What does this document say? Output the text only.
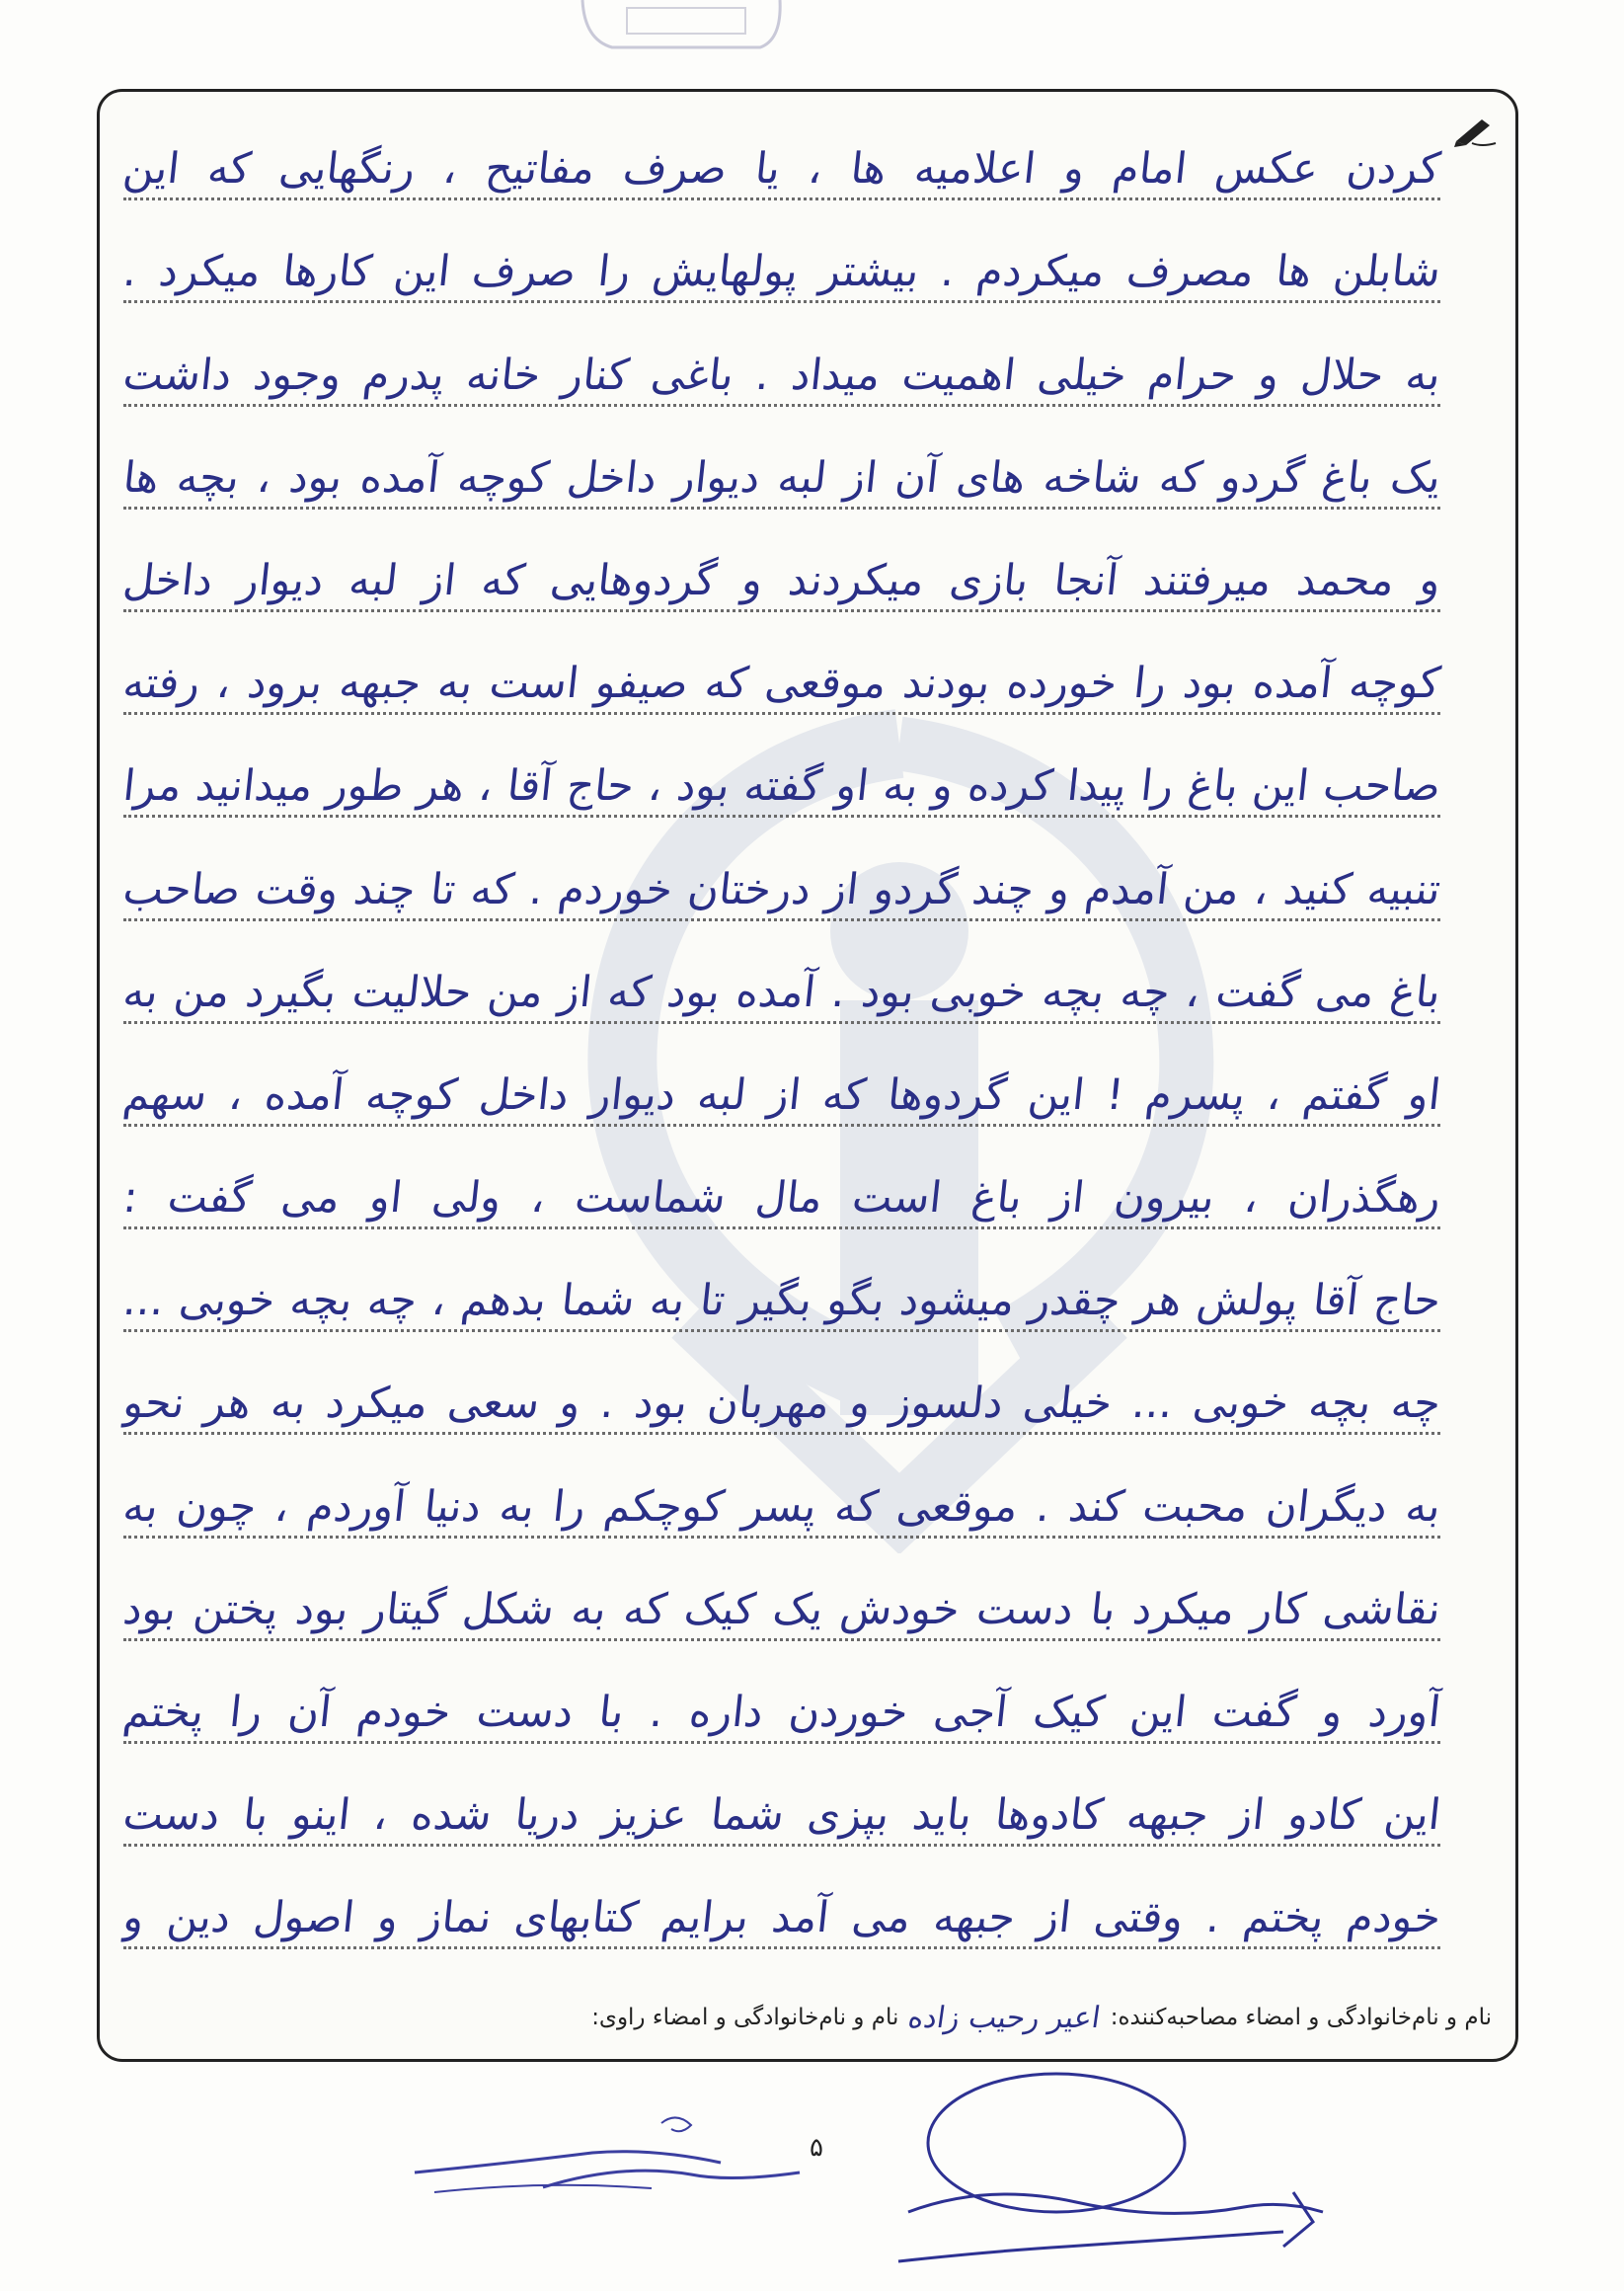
کردن عکس امام و اعلامیه ها ، یا صرف مفاتیح ، رنگهایی که این
شابلن ها مصرف میکردم . بیشتر پولهایش را صرف این کارها میکرد .
به حلال و حرام خیلی اهمیت میداد . باغی کنار خانه پدرم وجود داشت
یک باغ گردو که شاخه های آن از لبه دیوار داخل کوچه آمده بود ، بچه ها
و محمد میرفتند آنجا بازی میکردند و گردوهایی که از لبه دیوار داخل
کوچه آمده بود را خورده بودند موقعی که صیفو است به جبهه برود ، رفته
صاحب این باغ را پیدا کرده و به او گفته بود ، حاج آقا ، هر طور میدانید مرا
تنبیه کنید ، من آمدم و چند گردو از درختان خوردم . که تا چند وقت صاحب
باغ می گفت ، چه بچه خوبی بود . آمده بود که از من حلالیت بگیرد من به
او گفتم ، پسرم ! این گردوها که از لبه دیوار داخل کوچه آمده ، سهم
رهگذران ، بیرون از باغ است مال شماست ، ولی او می گفت :
حاج آقا پولش هر چقدر میشود بگو بگیر تا به شما بدهم ، چه بچه خوبی ...
چه بچه خوبی ... خیلی دلسوز و مهربان بود . و سعی میکرد به هر نحو
به دیگران محبت کند . موقعی که پسر کوچکم را به دنیا آوردم ، چون به
نقاشی کار میکرد با دست خودش یک کیک که به شکل گیتار بود پختن بود
آورد و گفت این کیک آجی خوردن داره . با دست خودم آن را پختم
این کادو از جبهه کادوها باید بپزی شما عزیز دریا شده ، اینو با دست
خودم پختم . وقتی از جبهه می آمد برایم کتابهای نماز و اصول دین و
نام و نام‌خانوادگی و امضاء مصاحبه‌کننده:
اعیر رحیب زاده
نام و نام‌خانوادگی و امضاء راوی:
۵
